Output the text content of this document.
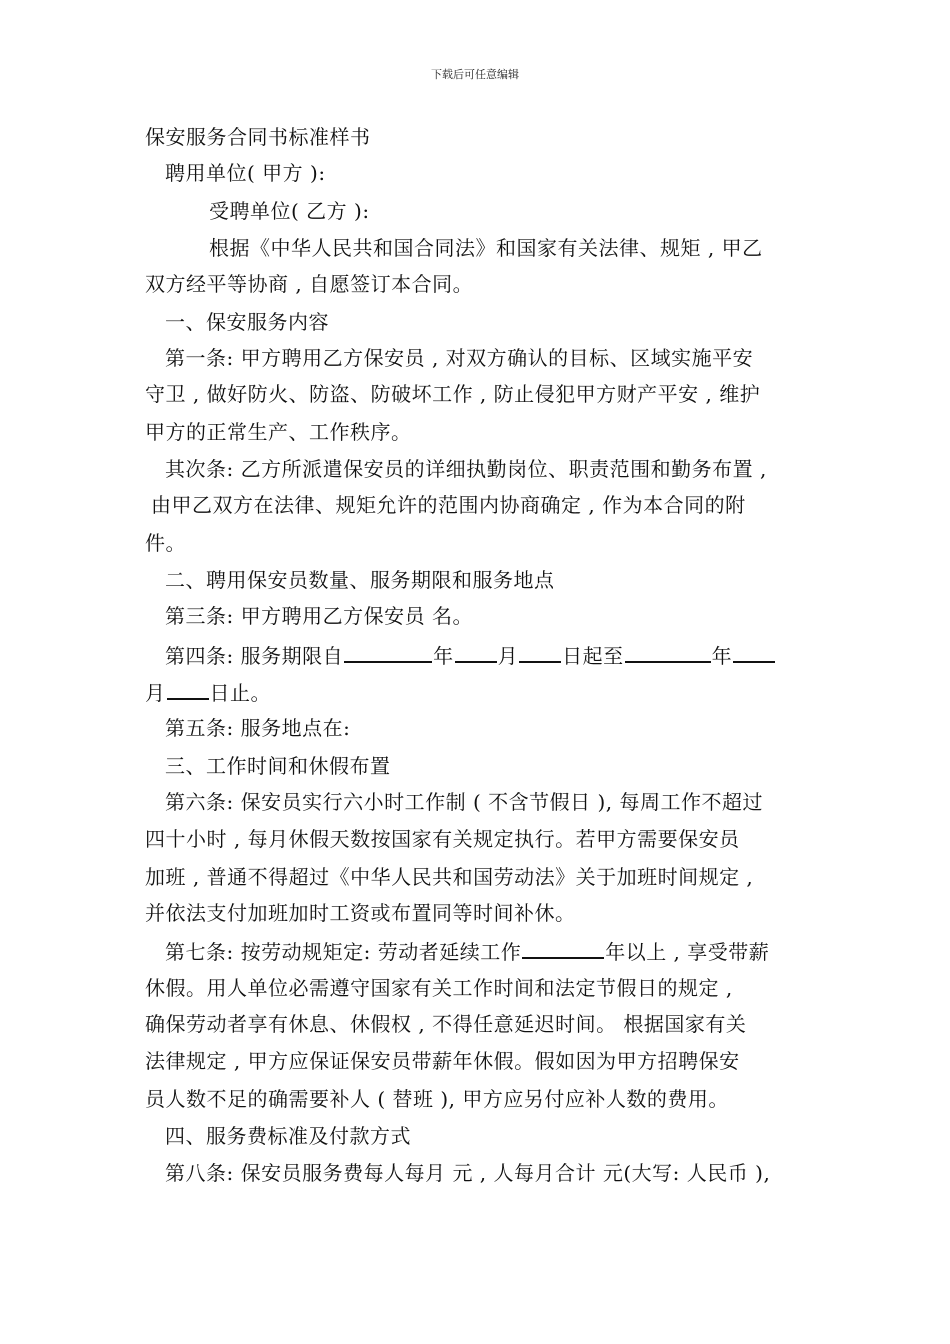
下载后可任意编辑
保安服务合同书标准样书
聘用单位( 甲方 ):
受聘单位( 乙方 ):
根据《中华人民共和国合同法》和国家有关法律、规矩 , 甲乙
双方经平等协商 , 自愿签订本合同。
一、保安服务内容
第一条: 甲方聘用乙方保安员 , 对双方确认的目标、区域实施平安
守卫 , 做好防火、防盗、防破坏工作 , 防止侵犯甲方财产平安 , 维护
甲方的正常生产、工作秩序。
其次条: 乙方所派遣保安员的详细执勤岗位、职责范围和勤务布置 ,
由甲乙双方在法律、规矩允许的范围内协商确定 , 作为本合同的附
件。
二、聘用保安员数量、服务期限和服务地点
第三条: 甲方聘用乙方保安员 名。
第四条: 服务期限自	年 月 日起至	年
月 日止。
第五条: 服务地点在:
三、工作时间和休假布置
第六条: 保安员实行六小时工作制 ( 不含节假日 ), 每周工作不超过
四十小时 , 每月休假天数按国家有关规定执行。若甲方需要保安员
加班 , 普通不得超过《中华人民共和国劳动法》关于加班时间规定 ,
并依法支付加班加时工资或布置同等时间补休。
第七条: 按劳动规矩定: 劳动者延续工作	年以上 , 享受带薪
休假。用人单位必需遵守国家有关工作时间和法定节假日的规定 ,
确保劳动者享有休息、休假权 , 不得任意延迟时间。 根据国家有关
法律规定 , 甲方应保证保安员带薪年休假。假如因为甲方招聘保安
员人数不足的确需要补人 ( 替班 ), 甲方应另付应补人数的费用。
四、服务费标准及付款方式
第八条: 保安员服务费每人每月 元 , 人每月合计 元(大写: 人民币 ),
